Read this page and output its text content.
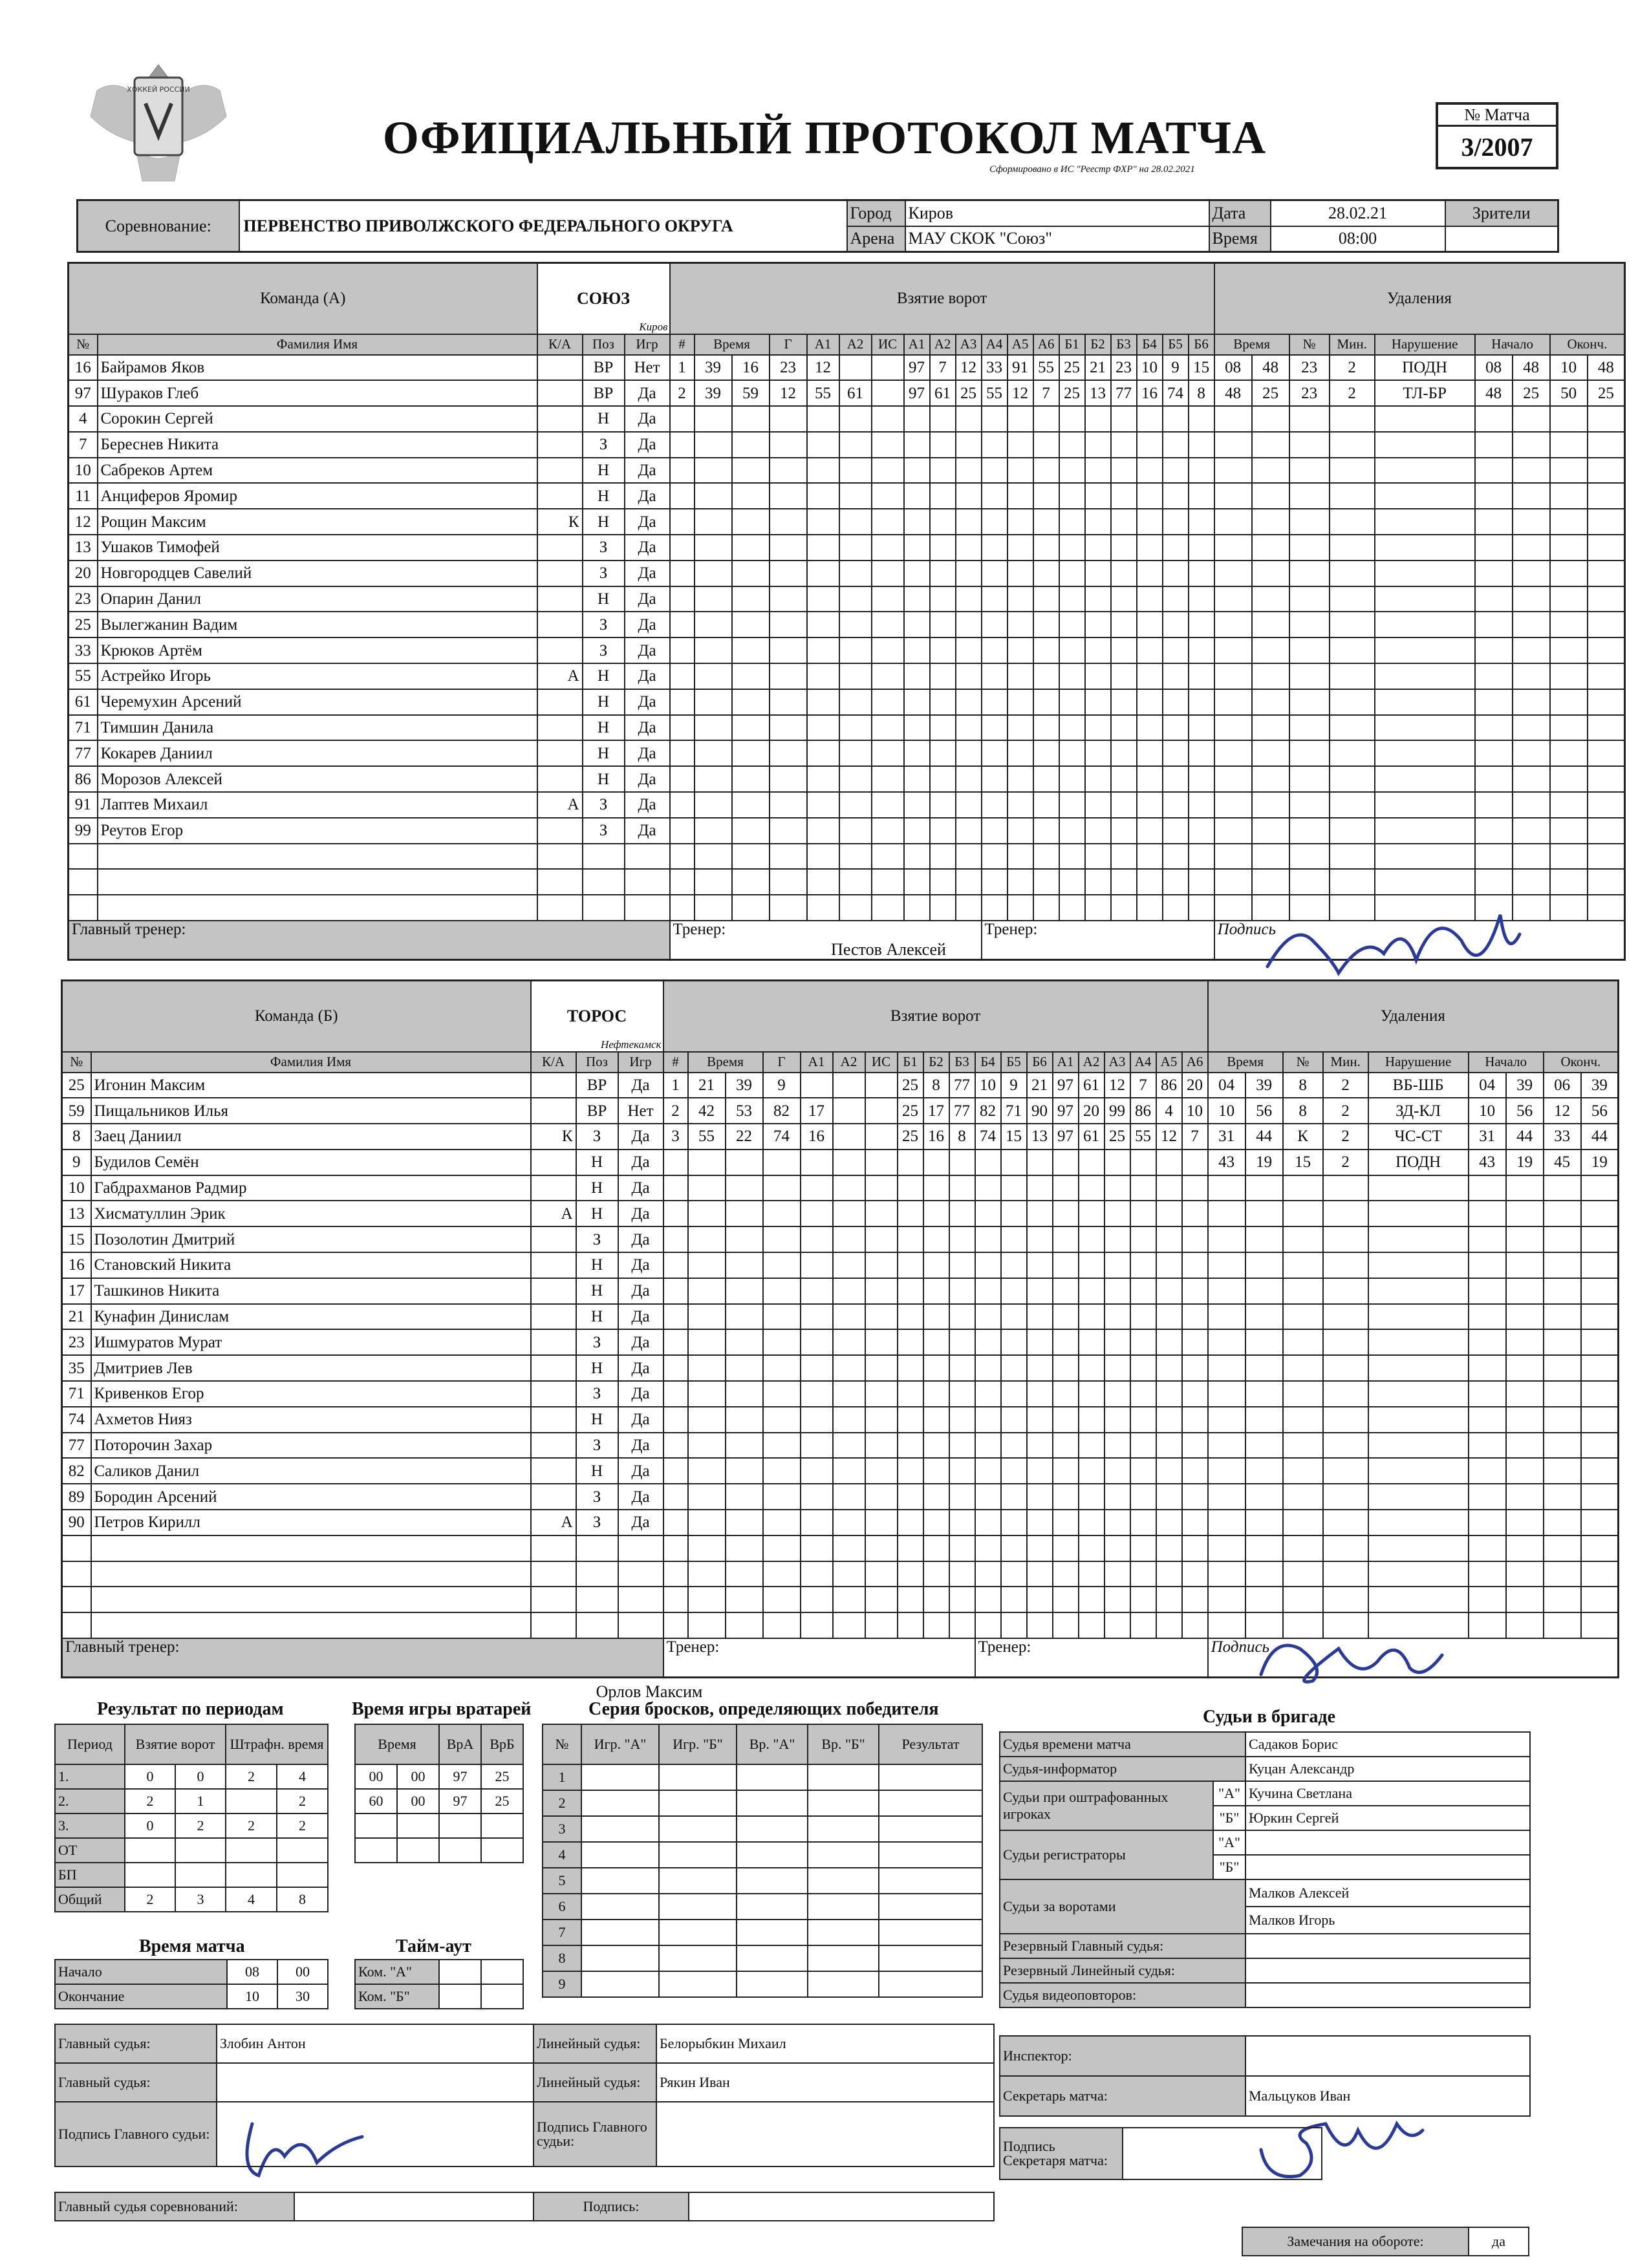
ХОККЕЙ РОССИИ
ОФИЦИАЛЬНЫЙ ПРОТОКОЛ МАТЧА
Сформировано в ИС "Реестр ФХР" на 28.02.2021
№ Матча
3/2007
Соревнование:	ПЕРВЕНСТВО ПРИВОЛЖСКОГО ФЕДЕРАЛЬНОГО ОКРУГА	Город	Киров	Дата	28.02.21	Зрители
		Арена	МАУ СКОК "Союз"	Время	08:00	
Команда (А)		СОЮЗ
Киров			Взятие ворот																			Удаления								
№	Фамилия Имя	К/А	Поз	Игр	#	Время		Г	А1	А2	ИС	А1	А2	А3	А4	А5	А6	Б1	Б2	Б3	Б4	Б5	Б6	Время		№	Мин.	Нарушение	Начало		Оконч.	
16	Байрамов Яков		ВР	Нет	1	39	16	23	12			97	7	12	33	91	55	25	21	23	10	9	15	08	48	23	2	ПОДН	08	48	10	48
97	Шураков Глеб		ВР	Да	2	39	59	12	55	61		97	61	25	55	12	7	25	13	77	16	74	8	48	25	23	2	ТЛ-БР	48	25	50	25
4	Сорокин Сергей		Н	Да																												
7	Береснев Никита		З	Да																												
10	Сабреков Артем		Н	Да																												
11	Анциферов Яромир		Н	Да																												
12	Рощин Максим	К	Н	Да																												
13	Ушаков Тимофей		З	Да																												
20	Новгородцев Савелий		З	Да																												
23	Опарин Данил		Н	Да																												
25	Вылегжанин Вадим		З	Да																												
33	Крюков Артём		З	Да																												
55	Астрейко Игорь	А	Н	Да																												
61	Черемухин Арсений		Н	Да																												
71	Тимшин Данила		Н	Да																												
77	Кокарев Даниил		Н	Да																												
86	Морозов Алексей		Н	Да																												
91	Лаптев Михаил	А	З	Да																												
99	Реутов Егор		З	Да																												

Главный тренер:					Тренер:										Тренер:									Подпись								
Пестов Алексей
Команда (Б)		ТОРОС
Нефтекамск			Взятие ворот																			Удаления								
№	Фамилия Имя	К/А	Поз	Игр	#	Время		Г	А1	А2	ИС	Б1	Б2	Б3	Б4	Б5	Б6	А1	А2	А3	А4	А5	А6	Время		№	Мин.	Нарушение	Начало		Оконч.	
25	Игонин Максим		ВР	Да	1	21	39	9				25	8	77	10	9	21	97	61	12	7	86	20	04	39	8	2	ВБ-ШБ	04	39	06	39
59	Пищальников Илья		ВР	Нет	2	42	53	82	17			25	17	77	82	71	90	97	20	99	86	4	10	10	56	8	2	ЗД-КЛ	10	56	12	56
8	Заец Даниил	К	З	Да	3	55	22	74	16			25	16	8	74	15	13	97	61	25	55	12	7	31	44	К	2	ЧС-СТ	31	44	33	44
9	Будилов Семён		Н	Да																				43	19	15	2	ПОДН	43	19	45	19
10	Габдрахманов Радмир		Н	Да																												
13	Хисматуллин Эрик	А	Н	Да																												
15	Позолотин Дмитрий		З	Да																												
16	Становский Никита		Н	Да																												
17	Ташкинов Никита		Н	Да																												
21	Кунафин Динислам		Н	Да																												
23	Ишмуратов Мурат		З	Да																												
35	Дмитриев Лев		Н	Да																												
71	Кривенков Егор		З	Да																												
74	Ахметов Нияз		Н	Да																												
77	Поторочин Захар		З	Да																												
82	Саликов Данил		Н	Да																												
89	Бородин Арсений		З	Да																												
90	Петров Кирилл	А	З	Да																												

Главный тренер:					Тренер:										Тренер:									Подпись								
Орлов Максим
Результат по периодам
Период	Взятие ворот		Штрафн. время	
1.	0	0	2	4
2.	2	1		2
3.	0	2	2	2
ОТ				
БП				
Общий	2	3	4	8
Время матча
Начало	08	00
Окончание	10	30
Время игры вратарей
Время		ВрА	ВрБ
00	00	97	25
60	00	97	25

Тайм-аут
Ком. "А"		
Ком. "Б"		
Серия бросков, определяющих победителя
№	Игр. "А"	Игр. "Б"	Вр. "А"	Вр. "Б"	Результат
1					
2					
3					
4					
5					
6					
7					
8					
9					
Судьи в бригаде
Судья времени матча		Садаков Борис
Судья-информатор		Куцан Александр
Судьи при оштрафованных игроках	"А"	Кучина Светлана
	"Б"	Юркин Сергей
Судьи регистраторы	"А"	
	"Б"	
Судьи за воротами		Малков Алексей
		Малков Игорь
Резервный Главный судья:		
Резервный Линейный судья:		
Судья видеоповторов:		
Главный судья:	Злобин Антон	Линейный судья:	Белорыбкин Михаил
Главный судья:		Линейный судья:	Рякин Иван
Подпись Главного судьи:		Подпись Главного судьи:	
Инспектор:	
Секретарь матча:	Мальцуков Иван
Подпись Секретаря матча:	
Главный судья соревнований:		Подпись:	
Замечания на обороте:	да
